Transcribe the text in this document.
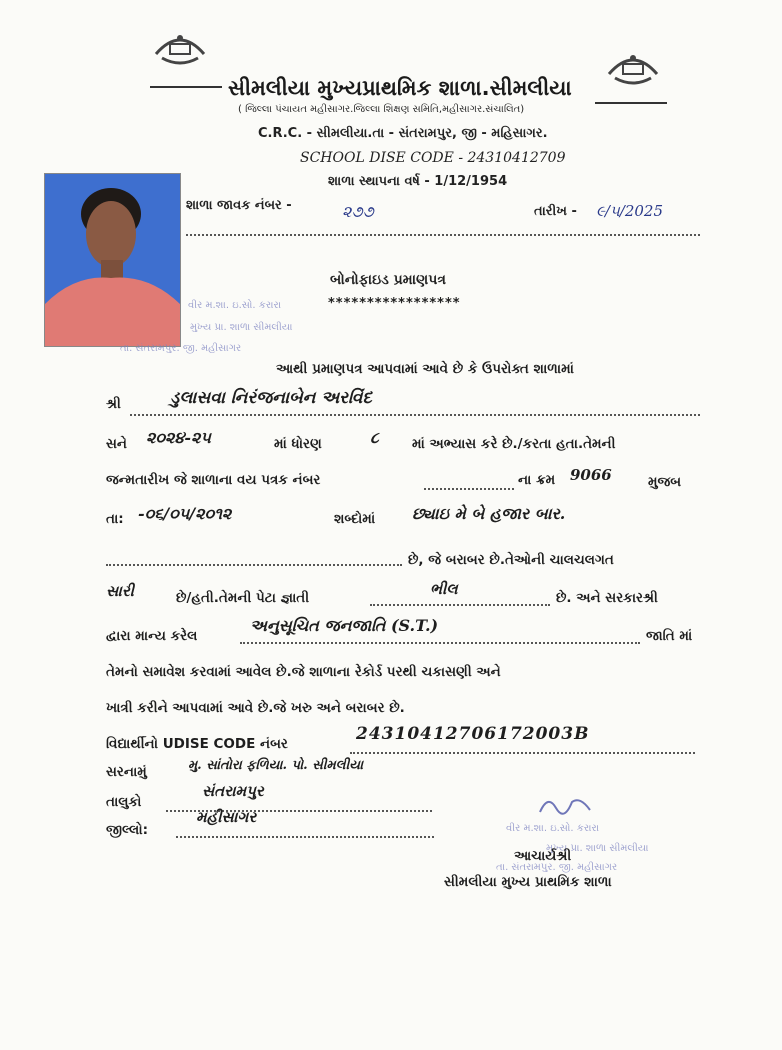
સીમલીયા મુખ્યપ્રાથમિક શાળા.સીમલીયા
( જિલ્લા પંચાયત મહીસાગર.જિલ્લા શિક્ષણ સમિતિ,મહીસાગર.સંચાલિત)
C.R.C. - સીમલીયા.તા - સંતરામપુર, જી - મહિસાગર.
SCHOOL DISE CODE - 24310412709
શાળા સ્થાપના વર્ષ - 1/12/1954
વીર મ.શા. ઇ.સો. કરારા
મુખ્ય પ્રા. શાળા સીમલીયા
તા. સંતરામપુર. જી. મહીસાગર
શાળા જાવક નંબર -	૨૭૭	તારીખ - ૯/૫/2025
બોનોફાઇડ પ્રમાણપત્ર
*****************
આથી પ્રમાણપત્ર આપવામાં આવે છે કે ઉપરોક્ત શાળામાં
શ્રી	ડુલાસવા નિરંજનાબેન અરવિંદ
સને ૨૦૨૪-૨૫	માં ધોરણ	૮ માં અભ્યાસ કરે છે./કરતા હતા.તેમની
જન્મતારીખ જે શાળાના વય પત્રક નંબર	ના ક્રમ 9066	મુજબ
તા: -૦૬/૦૫/૨૦૧૨	શબ્દોમાં છ્યાઇ મે બે હજાર બાર.
છે, જે બરાબર છે.તેઓની ચાલચલગત
સારી	છે/હતી.તેમની પેટા જ્ઞાતી	ભીલ	છે. અને સરકારશ્રી
દ્વારા માન્ય કરેલ
અનુસૂચિત જનજાતિ (S.T.)
જાતિ માં
તેમનો સમાવેશ કરવામાં આવેલ છે.જે શાળાના રેકોર્ડ પરથી ચકાસણી અને
ખાત્રી કરીને આપવામાં આવે છે.જે ખરુ અને બરાબર છે.
વિદ્યાર્થીનો UDISE CODE નંબર	24310412706172003B
સરનામું	મુ. સાંતોરા ફળિયા. પો. સીમલીયા
તાલુકો
સંતરામપુર
જીલ્લો:
મહીસાગર
વીર મ.શા. ઇ.સો. કરારા
મુખ્ય પ્રા. શાળા સીમલીયા
તા. સંતરામપુર. જી. મહીસાગર
આચાર્યશ્રી
સીમલીયા મુખ્ય પ્રાથમિક શાળા
